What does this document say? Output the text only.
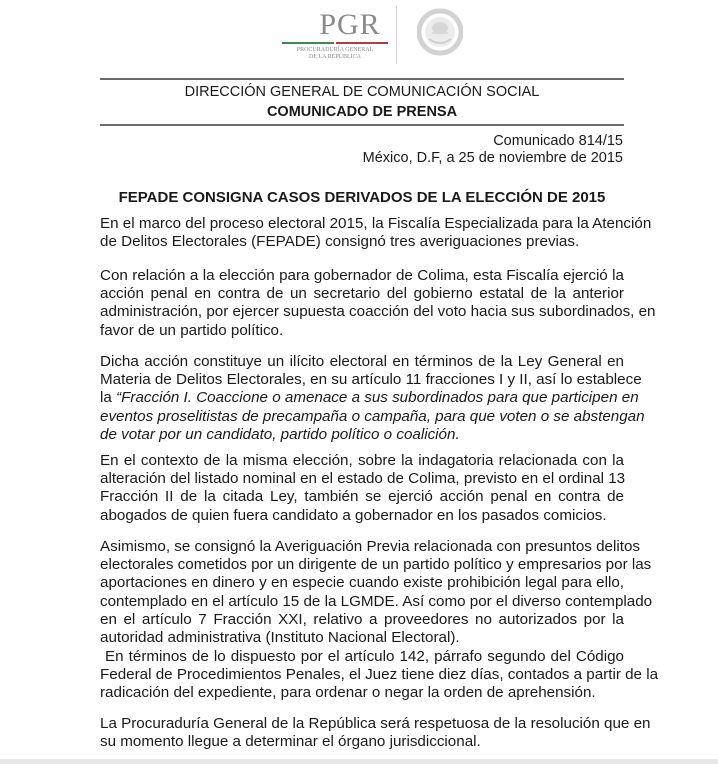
PGR
PROCURADURÍA GENERAL
DE LA REPÚBLICA
DIRECCIÓN GENERAL DE COMUNICACIÓN SOCIAL
COMUNICADO DE PRENSA
Comunicado 814/15
México, D.F, a 25 de noviembre de 2015
FEPADE CONSIGNA CASOS DERIVADOS DE LA ELECCIÓN DE 2015
En el marco del proceso electoral 2015, la Fiscalía Especializada para la Atención
de Delitos Electorales (FEPADE) consignó tres averiguaciones previas.
Con relación a la elección para gobernador de Colima, esta Fiscalía ejerció la
acción penal en contra de un secretario del gobierno estatal de la anterior
administración, por ejercer supuesta coacción del voto hacia sus subordinados, en
favor de un partido político.
Dicha acción constituye un ilícito electoral en términos de la Ley General en
Materia de Delitos Electorales, en su artículo 11 fracciones I y II, así lo establece
la “Fracción I. Coaccione o amenace a sus subordinados para que participen en
eventos proselitistas de precampaña o campaña, para que voten o se abstengan
de votar por un candidato, partido político o coalición.
En el contexto de la misma elección, sobre la indagatoria relacionada con la
alteración del listado nominal en el estado de Colima, previsto en el ordinal 13
Fracción II de la citada Ley, también se ejerció acción penal en contra de
abogados de quien fuera candidato a gobernador en los pasados comicios.
Asimismo, se consignó la Averiguación Previa relacionada con presuntos delitos
electorales cometidos por un dirigente de un partido político y empresarios por las
aportaciones en dinero y en especie cuando existe prohibición legal para ello,
contemplado en el artículo 15 de la LGMDE. Así como por el diverso contemplado
en el artículo 7 Fracción XXI, relativo a proveedores no autorizados por la
autoridad administrativa (Instituto Nacional Electoral).
En términos de lo dispuesto por el artículo 142, párrafo segundo del Código
Federal de Procedimientos Penales, el Juez tiene diez días, contados a partir de la
radicación del expediente, para ordenar o negar la orden de aprehensión.
La Procuraduría General de la República será respetuosa de la resolución que en
su momento llegue a determinar el órgano jurisdiccional.
